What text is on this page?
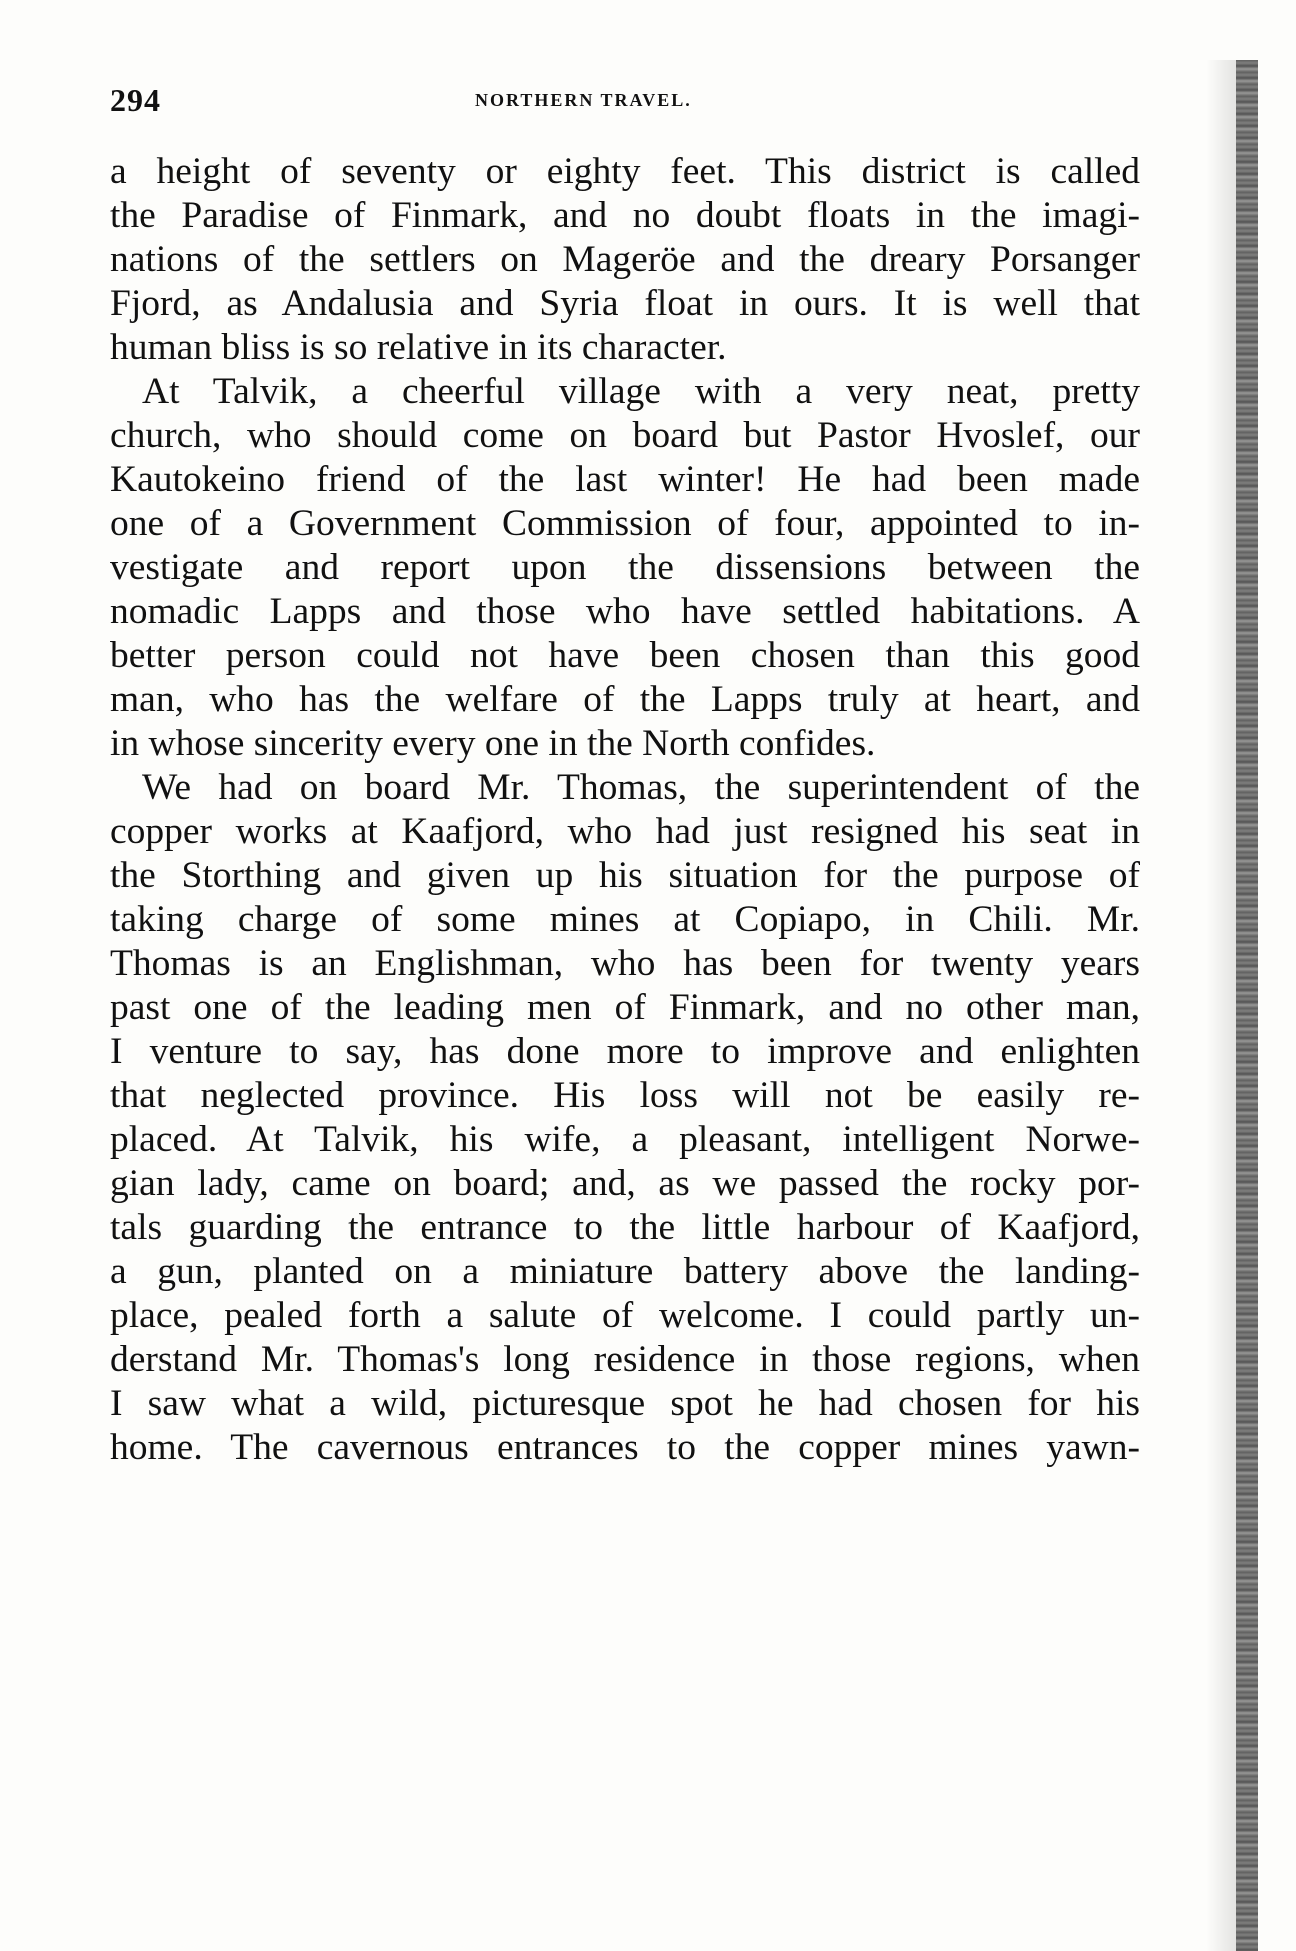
294	NORTHERN TRAVEL.
a height of seventy or eighty feet. This district is called
the Paradise of Finmark, and no doubt floats in the imagi-
nations of the settlers on Mageröe and the dreary Porsanger
Fjord, as Andalusia and Syria float in ours. It is well that
human bliss is so relative in its character.
At Talvik, a cheerful village with a very neat, pretty
church, who should come on board but Pastor Hvoslef, our
Kautokeino friend of the last winter! He had been made
one of a Government Commission of four, appointed to in-
vestigate and report upon the dissensions between the
nomadic Lapps and those who have settled habitations. A
better person could not have been chosen than this good
man, who has the welfare of the Lapps truly at heart, and
in whose sincerity every one in the North confides.
We had on board Mr. Thomas, the superintendent of the
copper works at Kaafjord, who had just resigned his seat in
the Storthing and given up his situation for the purpose of
taking charge of some mines at Copiapo, in Chili. Mr.
Thomas is an Englishman, who has been for twenty years
past one of the leading men of Finmark, and no other man,
I venture to say, has done more to improve and enlighten
that neglected province. His loss will not be easily re-
placed. At Talvik, his wife, a pleasant, intelligent Norwe-
gian lady, came on board; and, as we passed the rocky por-
tals guarding the entrance to the little harbour of Kaafjord,
a gun, planted on a miniature battery above the landing-
place, pealed forth a salute of welcome. I could partly un-
derstand Mr. Thomas's long residence in those regions, when
I saw what a wild, picturesque spot he had chosen for his
home. The cavernous entrances to the copper mines yawn-
